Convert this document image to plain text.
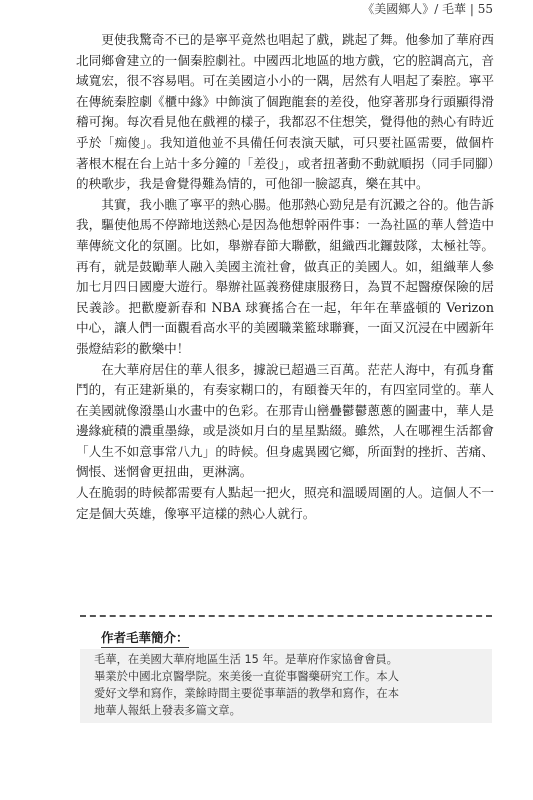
《美國鄉人》/ 毛華 | 55

更使我驚奇不已的是寧平竟然也唱起了戲，跳起了舞。他參加了華府西北同鄉會建立的一個秦腔劇社。中國西北地區的地方戲，它的腔調高亢，音域寬宏，很不容易唱。可在美國這小小的一隅，居然有人唱起了秦腔。寧平在傳統秦腔劇《櫃中緣》中飾演了個跑龍套的差役，他穿著那身行頭顯得滑稽可掬。每次看見他在戲裡的樣子，我都忍不住想笑，覺得他的熱心有時近乎於「痴傻」。我知道他並不具備任何表演天賦，可只要社區需要，做個杵著根木棍在台上站十多分鐘的「差役」，或者扭著動不動就順拐（同手同腳）的秧歌步，我是會覺得難為情的，可他卻一臉認真，樂在其中。

其實，我小瞧了寧平的熱心腸。他那熱心勁兒是有沉澱之谷的。他告訴我，驅使他馬不停蹄地送熱心是因為他想幹兩件事：一為社區的華人營造中華傳統文化的氛圍。比如，舉辦春節大聯歡，組織西北鑼鼓隊，太極社等。再有，就是鼓勵華人融入美國主流社會，做真正的美國人。如，組織華人參加七月四日國慶大遊行。舉辦社區義務健康服務日，為買不起醫療保險的居民義診。把歡慶新春和 NBA 球賽搖合在一起，年年在華盛頓的 Verizon 中心，讓人們一面觀看高水平的美國職業籃球聯賽，一面又沉浸在中國新年張燈結彩的歡樂中！

在大華府居住的華人很多，據說已超過三百萬。茫茫人海中，有孤身奮鬥的，有正建新巢的，有奏家糊口的，有頤養天年的，有四室同堂的。華人在美國就像潑墨山水畫中的色彩。在那青山巒疊鬱鬱蔥蔥的圖畫中，華人是邊緣疵積的濃重墨綠，或是淡如月白的星星點綴。雖然，人在哪裡生活都會「人生不如意事常八九」的時候。但身處異國它鄉，所面對的挫折、苦痛、惆悵、迷惘會更扭曲，更淋漓。

人在脆弱的時候都需要有人點起一把火，照亮和溫暖周圍的人。這個人不一定是個大英雄，像寧平這樣的熱心人就行。

作者毛華簡介：
毛華，在美國大華府地區生活 15 年。是華府作家協會會員。
畢業於中國北京醫學院。來美後一直從事醫藥研究工作。本人
愛好文學和寫作，業餘時間主要從事華語的教學和寫作，在本
地華人報紙上發表多篇文章。
